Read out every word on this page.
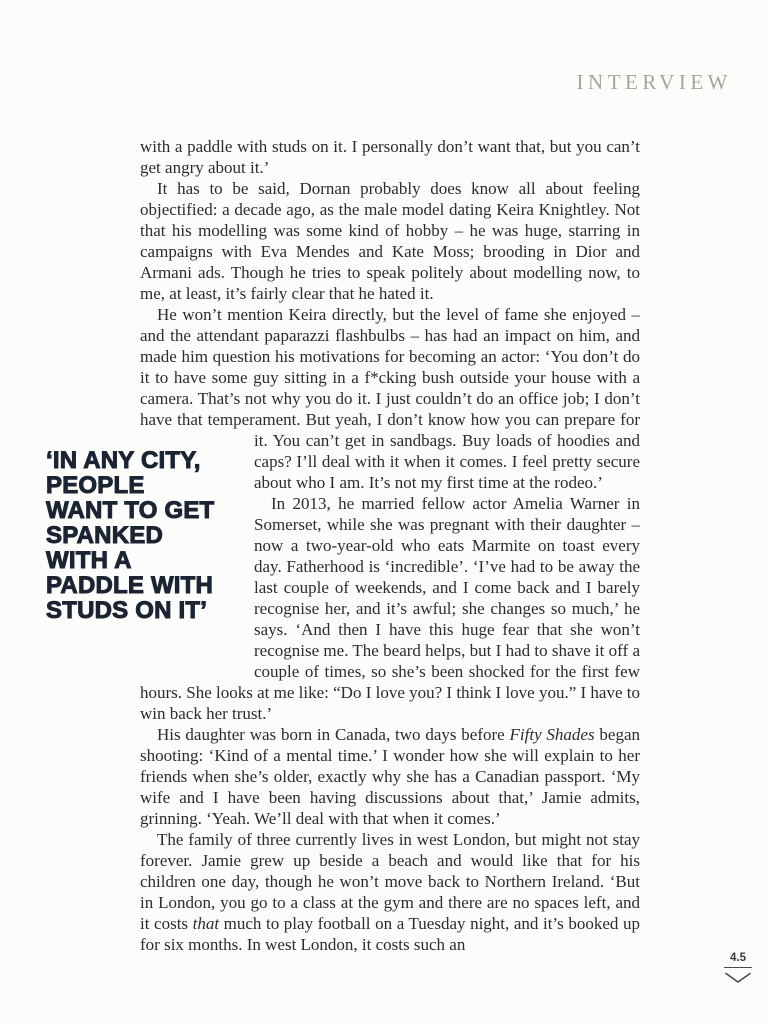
INTERVIEW

with a paddle with studs on it. I personally don’t want that, but you can’t get angry about it.’

It has to be said, Dornan probably does know all about feeling objectified: a decade ago, as the male model dating Keira Knightley. Not that his modelling was some kind of hobby – he was huge, starring in campaigns with Eva Mendes and Kate Moss; brooding in Dior and Armani ads. Though he tries to speak politely about modelling now, to me, at least, it’s fairly clear that he hated it.

He won’t mention Keira directly, but the level of fame she enjoyed – and the attendant paparazzi flashbulbs – has had an impact on him, and made him question his motivations for becoming an actor: ‘You don’t do it to have some guy sitting in a f*cking bush outside your house with a camera. That’s not why you do it. I just couldn’t do an office job; I don’t have that temperament. But yeah, I don’t know how you can prepare for it. You can’t get in sandbags. Buy loads
‘IN ANY CITY,
PEOPLE
WANT TO GET
SPANKED
WITH A
PADDLE WITH
STUDS ON IT’
of hoodies and caps? I’ll deal with it when it comes. I feel pretty secure about who I am. It’s not my first time at the rodeo.’

In 2013, he married fellow actor Amelia Warner in Somerset, while she was pregnant with their daughter – now a two-year-old who eats Marmite on toast every day. Fatherhood is ‘incredible’. ‘I’ve had to be away the last couple of weekends, and I come back and I barely recognise her, and it’s awful; she changes so much,’ he says. ‘And then I have this huge fear that she won’t recognise me. The beard helps, but I had to shave it off a couple of times, so she’s been shocked for the first few hours. She looks at me like: “Do I love you? I think I love you.” I have to win back her trust.’

His daughter was born in Canada, two days before Fifty Shades began shooting: ‘Kind of a mental time.’ I wonder how she will explain to her friends when she’s older, exactly why she has a Canadian passport. ‘My wife and I have been having discussions about that,’ Jamie admits, grinning. ‘Yeah. We’ll deal with that when it comes.’

The family of three currently lives in west London, but might not stay forever. Jamie grew up beside a beach and would like that for his children one day, though he won’t move back to Northern Ireland. ‘But in London, you go to a class at the gym and there are no spaces left, and it costs that much to play football on a Tuesday night, and it’s booked up for six months. In west London, it costs such an

4.5
